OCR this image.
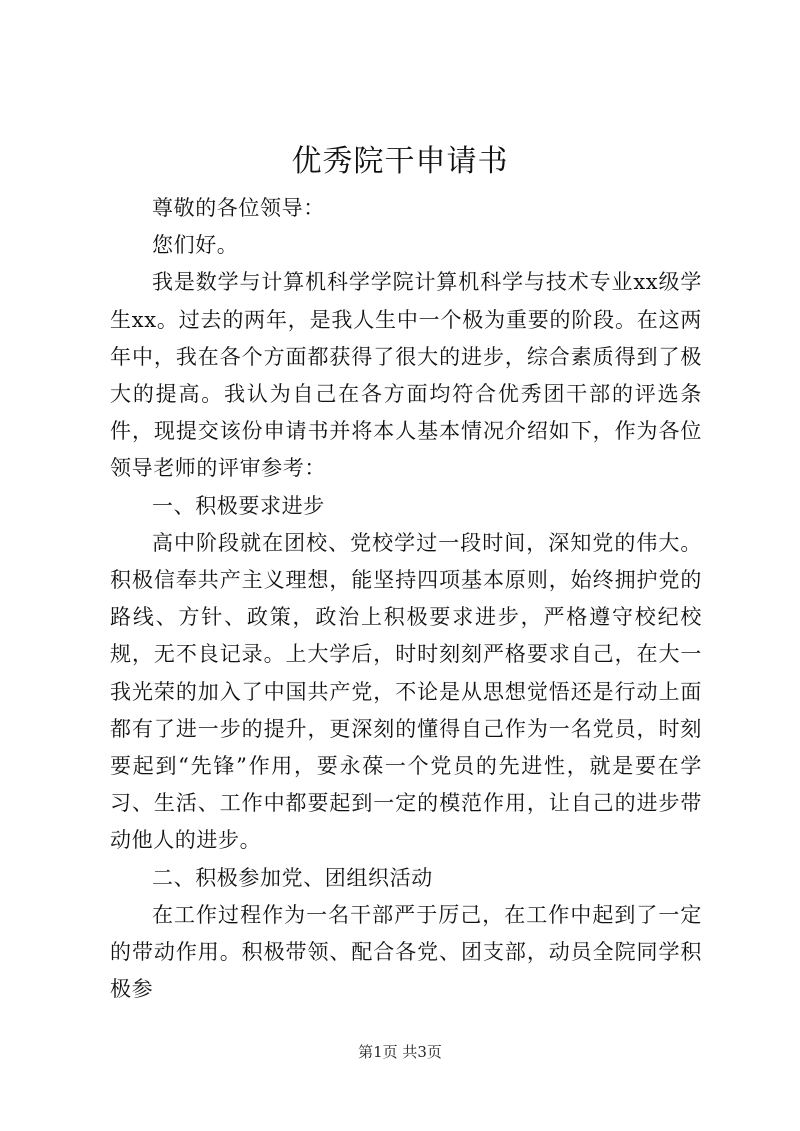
优秀院干申请书

尊敬的各位领导：

您们好。

我是数学与计算机科学学院计算机科学与技术专业xx级学生xx。过去的两年，是我人生中一个极为重要的阶段。在这两年中，我在各个方面都获得了很大的进步，综合素质得到了极大的提高。我认为自己在各方面均符合优秀团干部的评选条件，现提交该份申请书并将本人基本情况介绍如下，作为各位领导老师的评审参考：

一、积极要求进步

高中阶段就在团校、党校学过一段时间，深知党的伟大。积极信奉共产主义理想，能坚持四项基本原则，始终拥护党的路线、方针、政策，政治上积极要求进步，严格遵守校纪校规，无不良记录。上大学后，时时刻刻严格要求自己，在大一我光荣的加入了中国共产党，不论是从思想觉悟还是行动上面都有了进一步的提升，更深刻的懂得自己作为一名党员，时刻要起到“先锋”作用，要永葆一个党员的先进性，就是要在学习、生活、工作中都要起到一定的模范作用，让自己的进步带动他人的进步。

二、积极参加党、团组织活动

在工作过程作为一名干部严于厉己，在工作中起到了一定的带动作用。积极带领、配合各党、团支部，动员全院同学积极参

第1页 共3页
